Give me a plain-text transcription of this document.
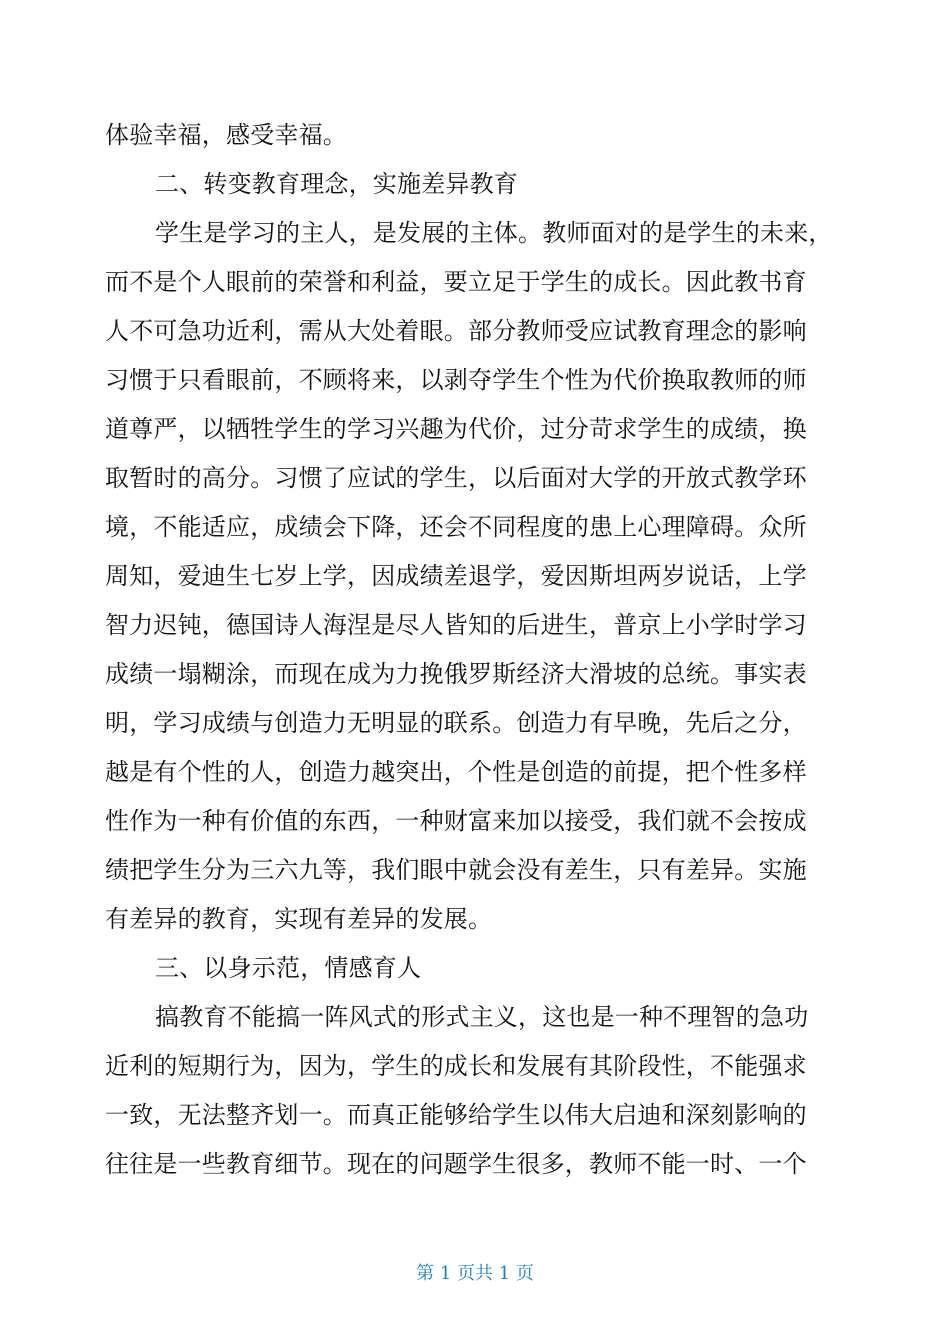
体验幸福，感受幸福。
二、转变教育理念，实施差异教育
学生是学习的主人，是发展的主体。教师面对的是学生的未来，
而不是个人眼前的荣誉和利益，要立足于学生的成长。因此教书育
人不可急功近利，需从大处着眼。部分教师受应试教育理念的影响
习惯于只看眼前，不顾将来，以剥夺学生个性为代价换取教师的师
道尊严，以牺牲学生的学习兴趣为代价，过分苛求学生的成绩，换
取暂时的高分。习惯了应试的学生，以后面对大学的开放式教学环
境，不能适应，成绩会下降，还会不同程度的患上心理障碍。众所
周知，爱迪生七岁上学，因成绩差退学，爱因斯坦两岁说话，上学
智力迟钝，德国诗人海涅是尽人皆知的后进生，普京上小学时学习
成绩一塌糊涂，而现在成为力挽俄罗斯经济大滑坡的总统。事实表
明，学习成绩与创造力无明显的联系。创造力有早晚，先后之分，
越是有个性的人，创造力越突出，个性是创造的前提，把个性多样
性作为一种有价值的东西，一种财富来加以接受，我们就不会按成
绩把学生分为三六九等，我们眼中就会没有差生，只有差异。实施
有差异的教育，实现有差异的发展。
三、以身示范，情感育人
搞教育不能搞一阵风式的形式主义，这也是一种不理智的急功
近利的短期行为，因为，学生的成长和发展有其阶段性，不能强求
一致，无法整齐划一。而真正能够给学生以伟大启迪和深刻影响的
往往是一些教育细节。现在的问题学生很多，教师不能一时、一个
第 1 页共 1 页
